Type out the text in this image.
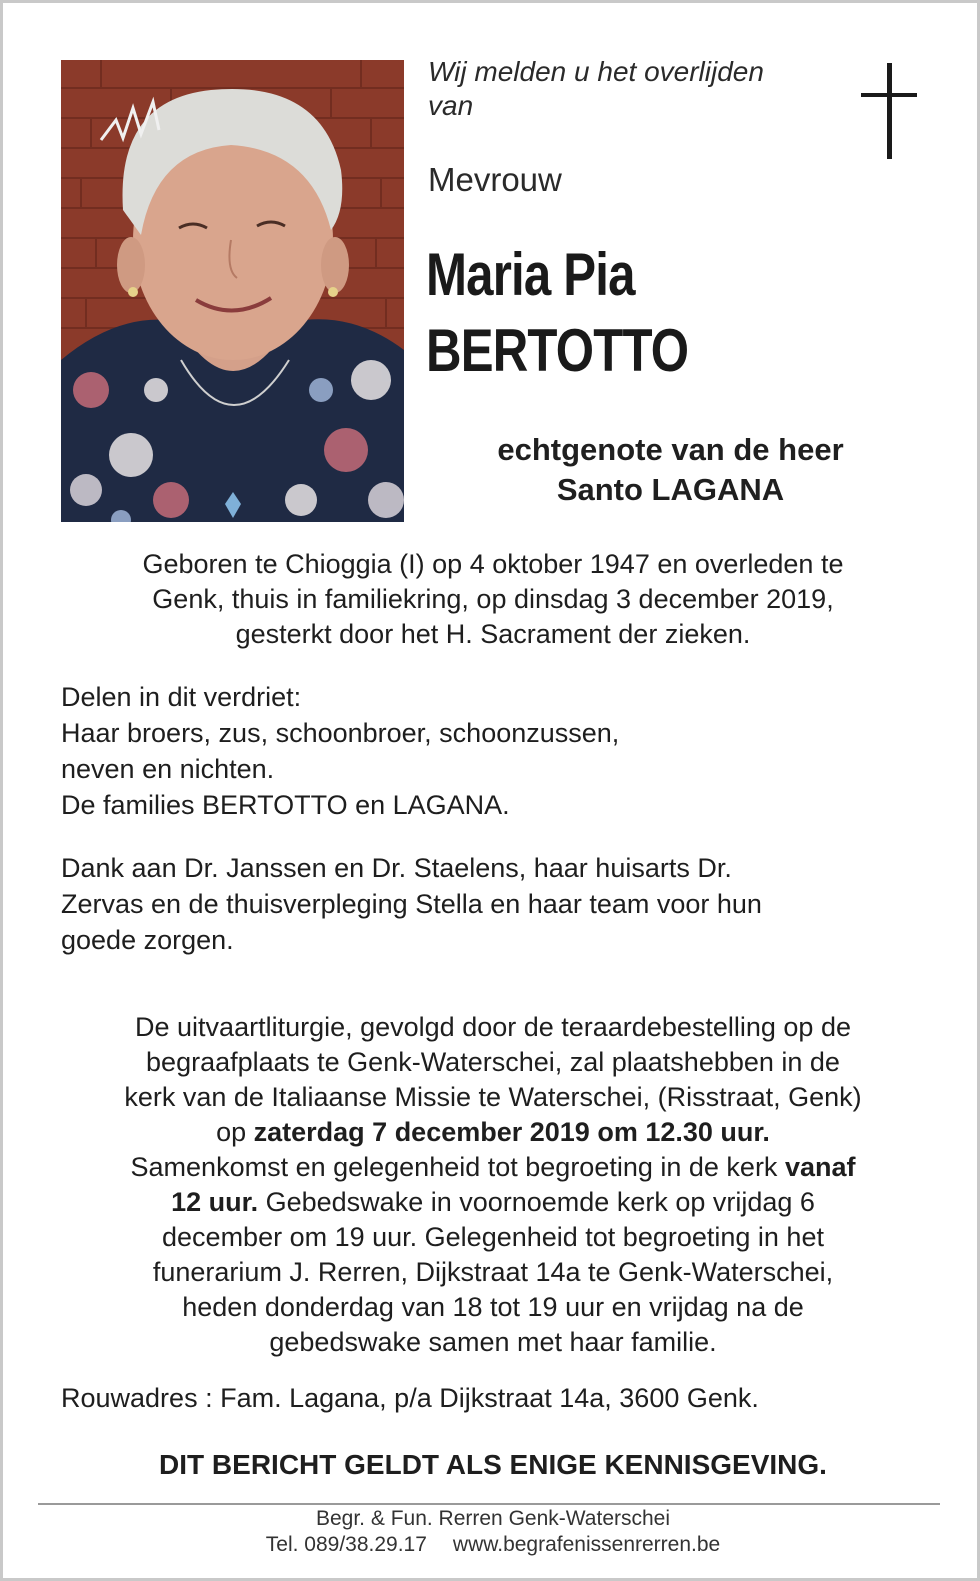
Wij melden u het overlijden
van
Mevrouw
Maria Pia
BERTOTTO
echtgenote van de heer
Santo LAGANA
Geboren te Chioggia (I) op 4 oktober 1947 en overleden te
Genk, thuis in familiekring, op dinsdag 3 december 2019,
gesterkt door het H. Sacrament der zieken.
Delen in dit verdriet:
Haar broers, zus, schoonbroer, schoonzussen,
neven en nichten.
De families BERTOTTO en LAGANA.
Dank aan Dr. Janssen en Dr. Staelens, haar huisarts Dr.
Zervas en de thuisverpleging Stella en haar team voor hun
goede zorgen.
De uitvaartliturgie, gevolgd door de teraardebestelling op de
begraafplaats te Genk-Waterschei, zal plaatshebben in de
kerk van de Italiaanse Missie te Waterschei, (Risstraat, Genk)
op zaterdag 7 december 2019 om 12.30 uur.
Samenkomst en gelegenheid tot begroeting in de kerk vanaf
12 uur. Gebedswake in voornoemde kerk op vrijdag 6
december om 19 uur. Gelegenheid tot begroeting in het
funerarium J. Rerren, Dijkstraat 14a te Genk-Waterschei,
heden donderdag van 18 tot 19 uur en vrijdag na de
gebedswake samen met haar familie.
Rouwadres : Fam. Lagana, p/a Dijkstraat 14a, 3600 Genk.
DIT BERICHT GELDT ALS ENIGE KENNISGEVING.
Begr. & Fun. Rerren Genk-Waterschei
Tel. 089/38.29.17 www.begrafenissenrerren.be
